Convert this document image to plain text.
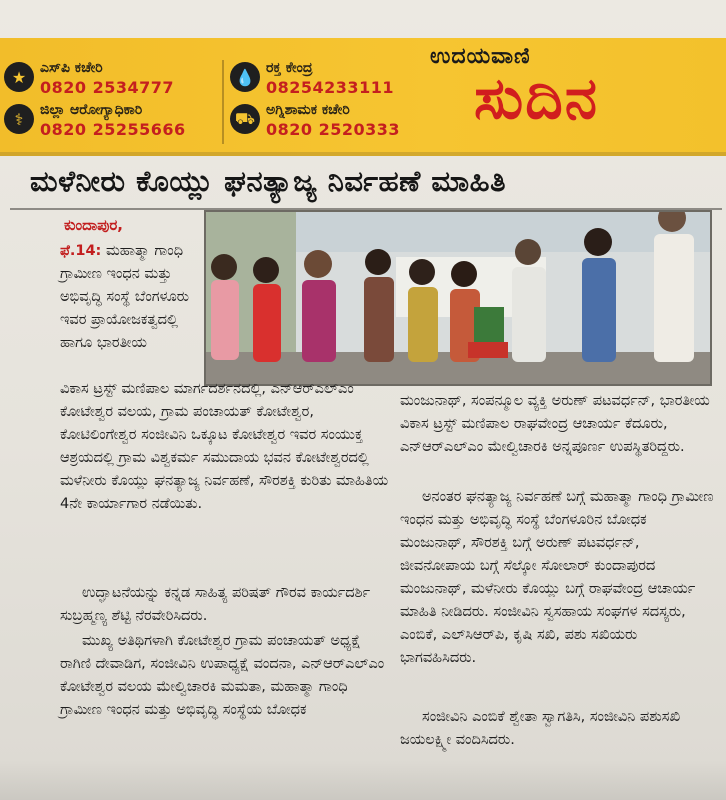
★ ಎಸ್‌ಪಿ ಕಚೇರಿ
0820 2534777
⚕	ಜಿಲ್ಲಾ ಆರೋಗ್ಯಾಧಿಕಾರಿ
0820 25255666
💧 ರಕ್ತ ಕೇಂದ್ರ
08254233111
⛟ ಅಗ್ನಿಶಾಮಕ ಕಚೇರಿ
0820 2520333
ಉದಯವಾಣಿ
ಸುದಿನ
ಮಳೆನೀರು ಕೊಯ್ಲು ಘನತ್ಯಾಜ್ಯ ನಿರ್ವಹಣೆ ಮಾಹಿತಿ
ಕುಂದಾಪುರ,
ಫೆ.14: ಮಹಾತ್ಮಾ ಗಾಂಧಿ ಗ್ರಾಮೀಣ ಇಂಧನ ಮತ್ತು ಅಭಿವೃದ್ಧಿ ಸಂಸ್ಥೆ ಬೆಂಗಳೂರು ಇವರ ಪ್ರಾಯೋಜಕತ್ವದಲ್ಲಿ ಹಾಗೂ ಭಾರತೀಯ
ವಿಕಾಸ ಟ್ರಸ್ಟ್ ಮಣಿಪಾಲ ಮಾರ್ಗದರ್ಶನದಲ್ಲಿ, ಎನ್‌ಆರ್‌ಎಲ್‌ಎಂ ಕೋಟೇಶ್ವರ ವಲಯ, ಗ್ರಾಮ ಪಂಚಾಯತ್ ಕೋಟೇಶ್ವರ, ಕೋಟಿಲಿಂಗೇಶ್ವರ ಸಂಜೀವಿನಿ ಒಕ್ಕೂಟ ಕೋಟೇಶ್ವರ ಇವರ ಸಂಯುಕ್ತ ಆಶ್ರಯದಲ್ಲಿ ಗ್ರಾಮ ವಿಶ್ವಕರ್ಮ ಸಮುದಾಯ ಭವನ ಕೋಟೇಶ್ವರದಲ್ಲಿ ಮಳೆನೀರು ಕೊಯ್ಲು ಘನತ್ಯಾಜ್ಯ ನಿರ್ವಹಣೆ, ಸೌರಶಕ್ತಿ ಕುರಿತು ಮಾಹಿತಿಯ 4ನೇ ಕಾರ್ಯಾಗಾರ ನಡೆಯಿತು.
ಉದ್ಘಾಟನೆಯನ್ನು ಕನ್ನಡ ಸಾಹಿತ್ಯ ಪರಿಷತ್ ಗೌರವ ಕಾರ್ಯದರ್ಶಿ ಸುಬ್ರಹ್ಮಣ್ಯ ಶೆಟ್ಟಿ ನೆರವೇರಿಸಿದರು.
ಮುಖ್ಯ ಅತಿಥಿಗಳಾಗಿ ಕೋಟೇಶ್ವರ ಗ್ರಾಮ ಪಂಚಾಯತ್ ಅಧ್ಯಕ್ಷೆ ರಾಗಿಣಿ ದೇವಾಡಿಗ, ಸಂಜೀವಿನಿ ಉಪಾಧ್ಯಕ್ಷೆ ವಂದನಾ, ಎನ್‌ಆರ್‌ಎಲ್‌ಎಂ ಕೋಟೇಶ್ವರ ವಲಯ ಮೇಲ್ವಿಚಾರಕಿ ಮಮತಾ, ಮಹಾತ್ಮಾ ಗಾಂಧಿ ಗ್ರಾಮೀಣ ಇಂಧನ ಮತ್ತು ಅಭಿವೃದ್ಧಿ ಸಂಸ್ಥೆಯ ಬೋಧಕ
ಮಂಜುನಾಥ್, ಸಂಪನ್ಮೂಲ ವ್ಯಕ್ತಿ ಅರುಣ್ ಪಟವರ್ಧನ್, ಭಾರತೀಯ ವಿಕಾಸ ಟ್ರಸ್ಟ್ ಮಣಿಪಾಲ ರಾಘವೇಂದ್ರ ಆಚಾರ್ಯ ಕೆದೂರು, ಎನ್‌ಆರ್‌ಎಲ್‌ಎಂ ಮೇಲ್ವಿಚಾರಕಿ ಅನ್ನಪೂರ್ಣ ಉಪಸ್ಥಿತರಿದ್ದರು.
ಅನಂತರ ಘನತ್ಯಾಜ್ಯ ನಿರ್ವಹಣೆ ಬಗ್ಗೆ ಮಹಾತ್ಮಾ ಗಾಂಧಿ ಗ್ರಾಮೀಣ ಇಂಧನ ಮತ್ತು ಅಭಿವೃದ್ಧಿ ಸಂಸ್ಥೆ ಬೆಂಗಳೂರಿನ ಬೋಧಕ ಮಂಜುನಾಥ್, ಸೌರಶಕ್ತಿ ಬಗ್ಗೆ ಅರುಣ್ ಪಟವರ್ಧನ್, ಜೀವನೋಪಾಯ ಬಗ್ಗೆ ಸೆಲ್ಕೋ ಸೋಲಾರ್ ಕುಂದಾಪುರದ ಮಂಜುನಾಥ್, ಮಳೆನೀರು ಕೊಯ್ಲು ಬಗ್ಗೆ ರಾಘವೇಂದ್ರ ಆಚಾರ್ಯ ಮಾಹಿತಿ ನೀಡಿದರು. ಸಂಜೀವಿನಿ ಸ್ವಸಹಾಯ ಸಂಘಗಳ ಸದಸ್ಯರು, ಎಂಬಿಕೆ, ಎಲ್‌ಸಿಆರ್‌ಪಿ, ಕೃಷಿ ಸಖಿ, ಪಶು ಸಖಿಯರು ಭಾಗವಹಿಸಿದರು.
ಸಂಜೀವಿನಿ ಎಂಬಿಕೆ ಶ್ವೇತಾ ಸ್ವಾಗತಿಸಿ, ಸಂಜೀವಿನಿ ಪಶುಸಖಿ ಜಯಲಕ್ಷ್ಮೀ ವಂದಿಸಿದರು.
